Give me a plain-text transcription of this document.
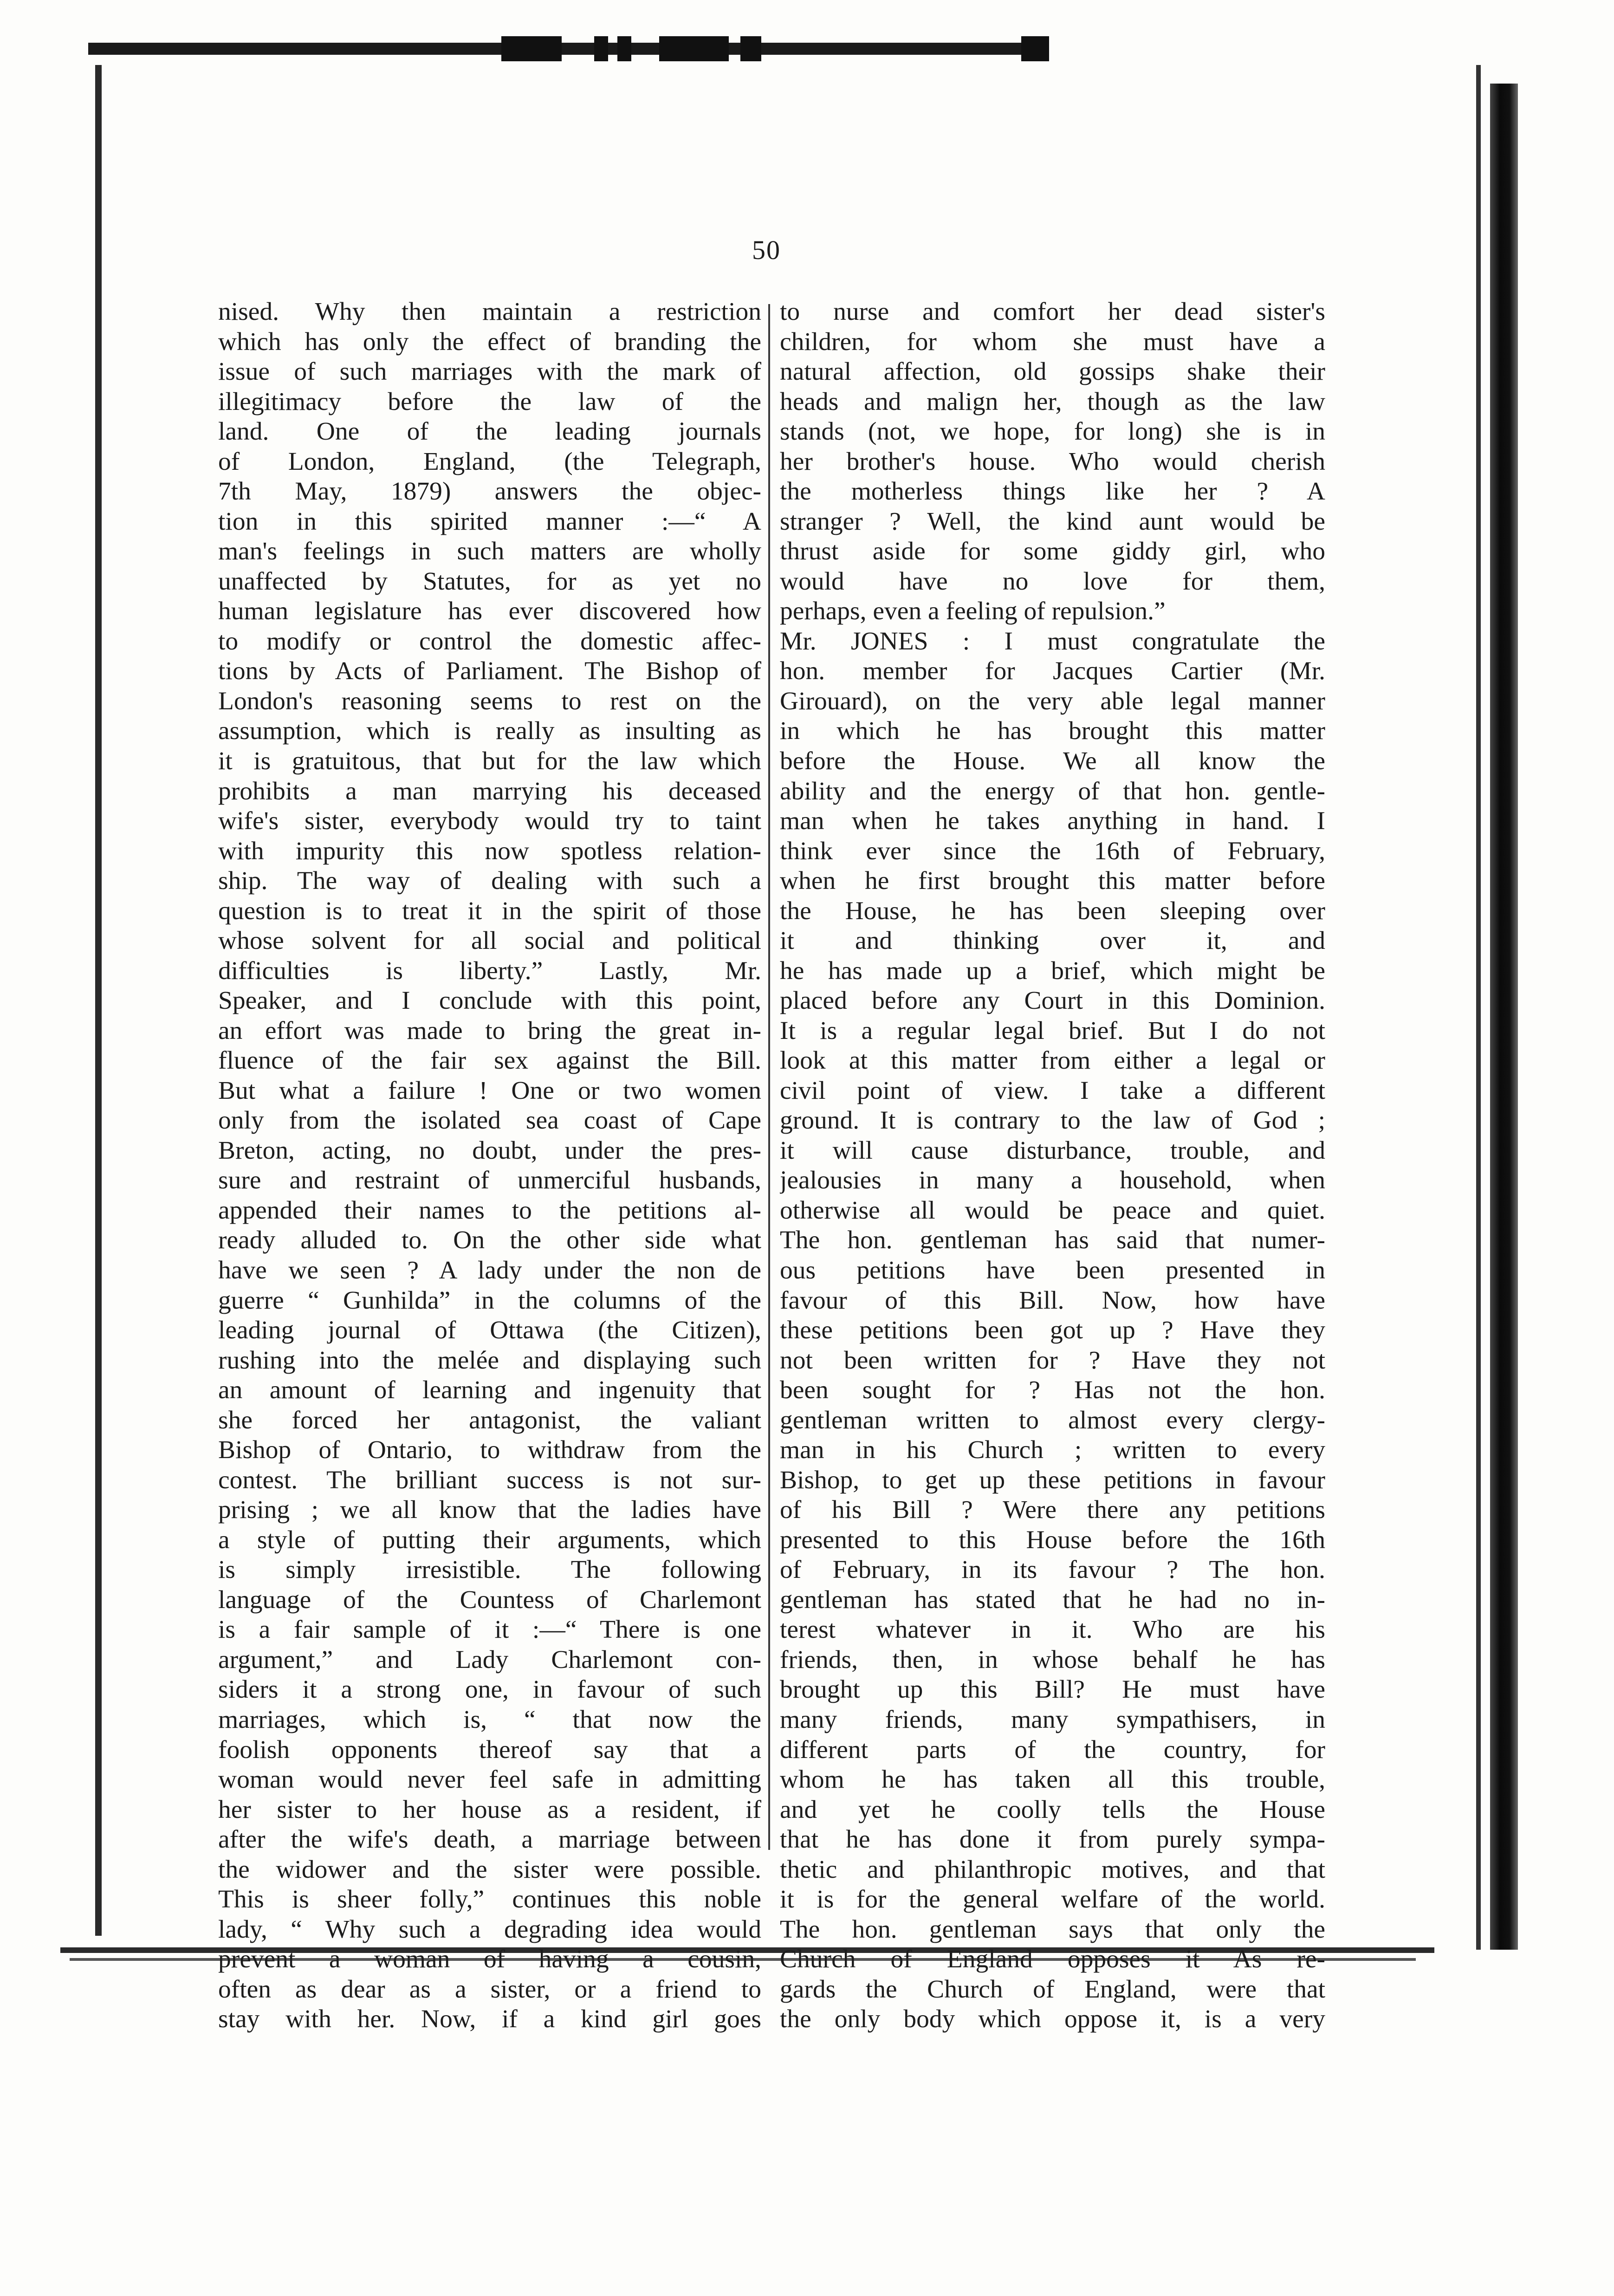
50

nised. Why then maintain a restriction

which has only the effect of branding the

issue of such marriages with the mark of

illegitimacy before the law of the

land. One of the leading journals

of London, England, (the Telegraph,

7th May, 1879) answers the objec-

tion in this spirited manner :—“ A

man's feelings in such matters are wholly

unaffected by Statutes, for as yet no

human legislature has ever discovered how

to modify or control the domestic affec-

tions by Acts of Parliament. The Bishop of

London's reasoning seems to rest on the

assumption, which is really as insulting as

it is gratuitous, that but for the law which

prohibits a man marrying his deceased

wife's sister, everybody would try to taint

with impurity this now spotless relation-

ship. The way of dealing with such a

question is to treat it in the spirit of those

whose solvent for all social and political

difficulties is liberty.” Lastly, Mr.

Speaker, and I conclude with this point,

an effort was made to bring the great in-

fluence of the fair sex against the Bill.

But what a failure ! One or two women

only from the isolated sea coast of Cape

Breton, acting, no doubt, under the pres-

sure and restraint of unmerciful husbands,

appended their names to the petitions al-

ready alluded to. On the other side what

have we seen ? A lady under the non de

guerre “ Gunhilda” in the columns of the

leading journal of Ottawa (the Citizen),

rushing into the melée and displaying such

an amount of learning and ingenuity that

she forced her antagonist, the valiant

Bishop of Ontario, to withdraw from the

contest. The brilliant success is not sur-

prising ; we all know that the ladies have

a style of putting their arguments, which

is simply irresistible. The following

language of the Countess of Charlemont

is a fair sample of it :—“ There is one

argument,” and Lady Charlemont con-

siders it a strong one, in favour of such

marriages, which is, “ that now the

foolish opponents thereof say that a

woman would never feel safe in admitting

her sister to her house as a resident, if

after the wife's death, a marriage between

the widower and the sister were possible.

This is sheer folly,” continues this noble

lady, “ Why such a degrading idea would

prevent a woman of having a cousin,

often as dear as a sister, or a friend to

stay with her. Now, if a kind girl goes

to nurse and comfort her dead sister's

children, for whom she must have a

natural affection, old gossips shake their

heads and malign her, though as the law

stands (not, we hope, for long) she is in

her brother's house. Who would cherish

the motherless things like her ? A

stranger ? Well, the kind aunt would be

thrust aside for some giddy girl, who

would have no love for them,

perhaps, even a feeling of repulsion.”

Mr. JONES : I must congratulate the

hon. member for Jacques Cartier (Mr.

Girouard), on the very able legal manner

in which he has brought this matter

before the House. We all know the

ability and the energy of that hon. gentle-

man when he takes anything in hand. I

think ever since the 16th of February,

when he first brought this matter before

the House, he has been sleeping over

it and thinking over it, and

he has made up a brief, which might be

placed before any Court in this Dominion.

It is a regular legal brief. But I do not

look at this matter from either a legal or

civil point of view. I take a different

ground. It is contrary to the law of God ;

it will cause disturbance, trouble, and

jealousies in many a household, when

otherwise all would be peace and quiet.

The hon. gentleman has said that numer-

ous petitions have been presented in

favour of this Bill. Now, how have

these petitions been got up ? Have they

not been written for ? Have they not

been sought for ? Has not the hon.

gentleman written to almost every clergy-

man in his Church ; written to every

Bishop, to get up these petitions in favour

of his Bill ? Were there any petitions

presented to this House before the 16th

of February, in its favour ? The hon.

gentleman has stated that he had no in-

terest whatever in it. Who are his

friends, then, in whose behalf he has

brought up this Bill? He must have

many friends, many sympathisers, in

different parts of the country, for

whom he has taken all this trouble,

and yet he coolly tells the House

that he has done it from purely sympa-

thetic and philanthropic motives, and that

it is for the general welfare of the world.

The hon. gentleman says that only the

Church of England opposes it As re-

gards the Church of England, were that

the only body which oppose it, is a very
